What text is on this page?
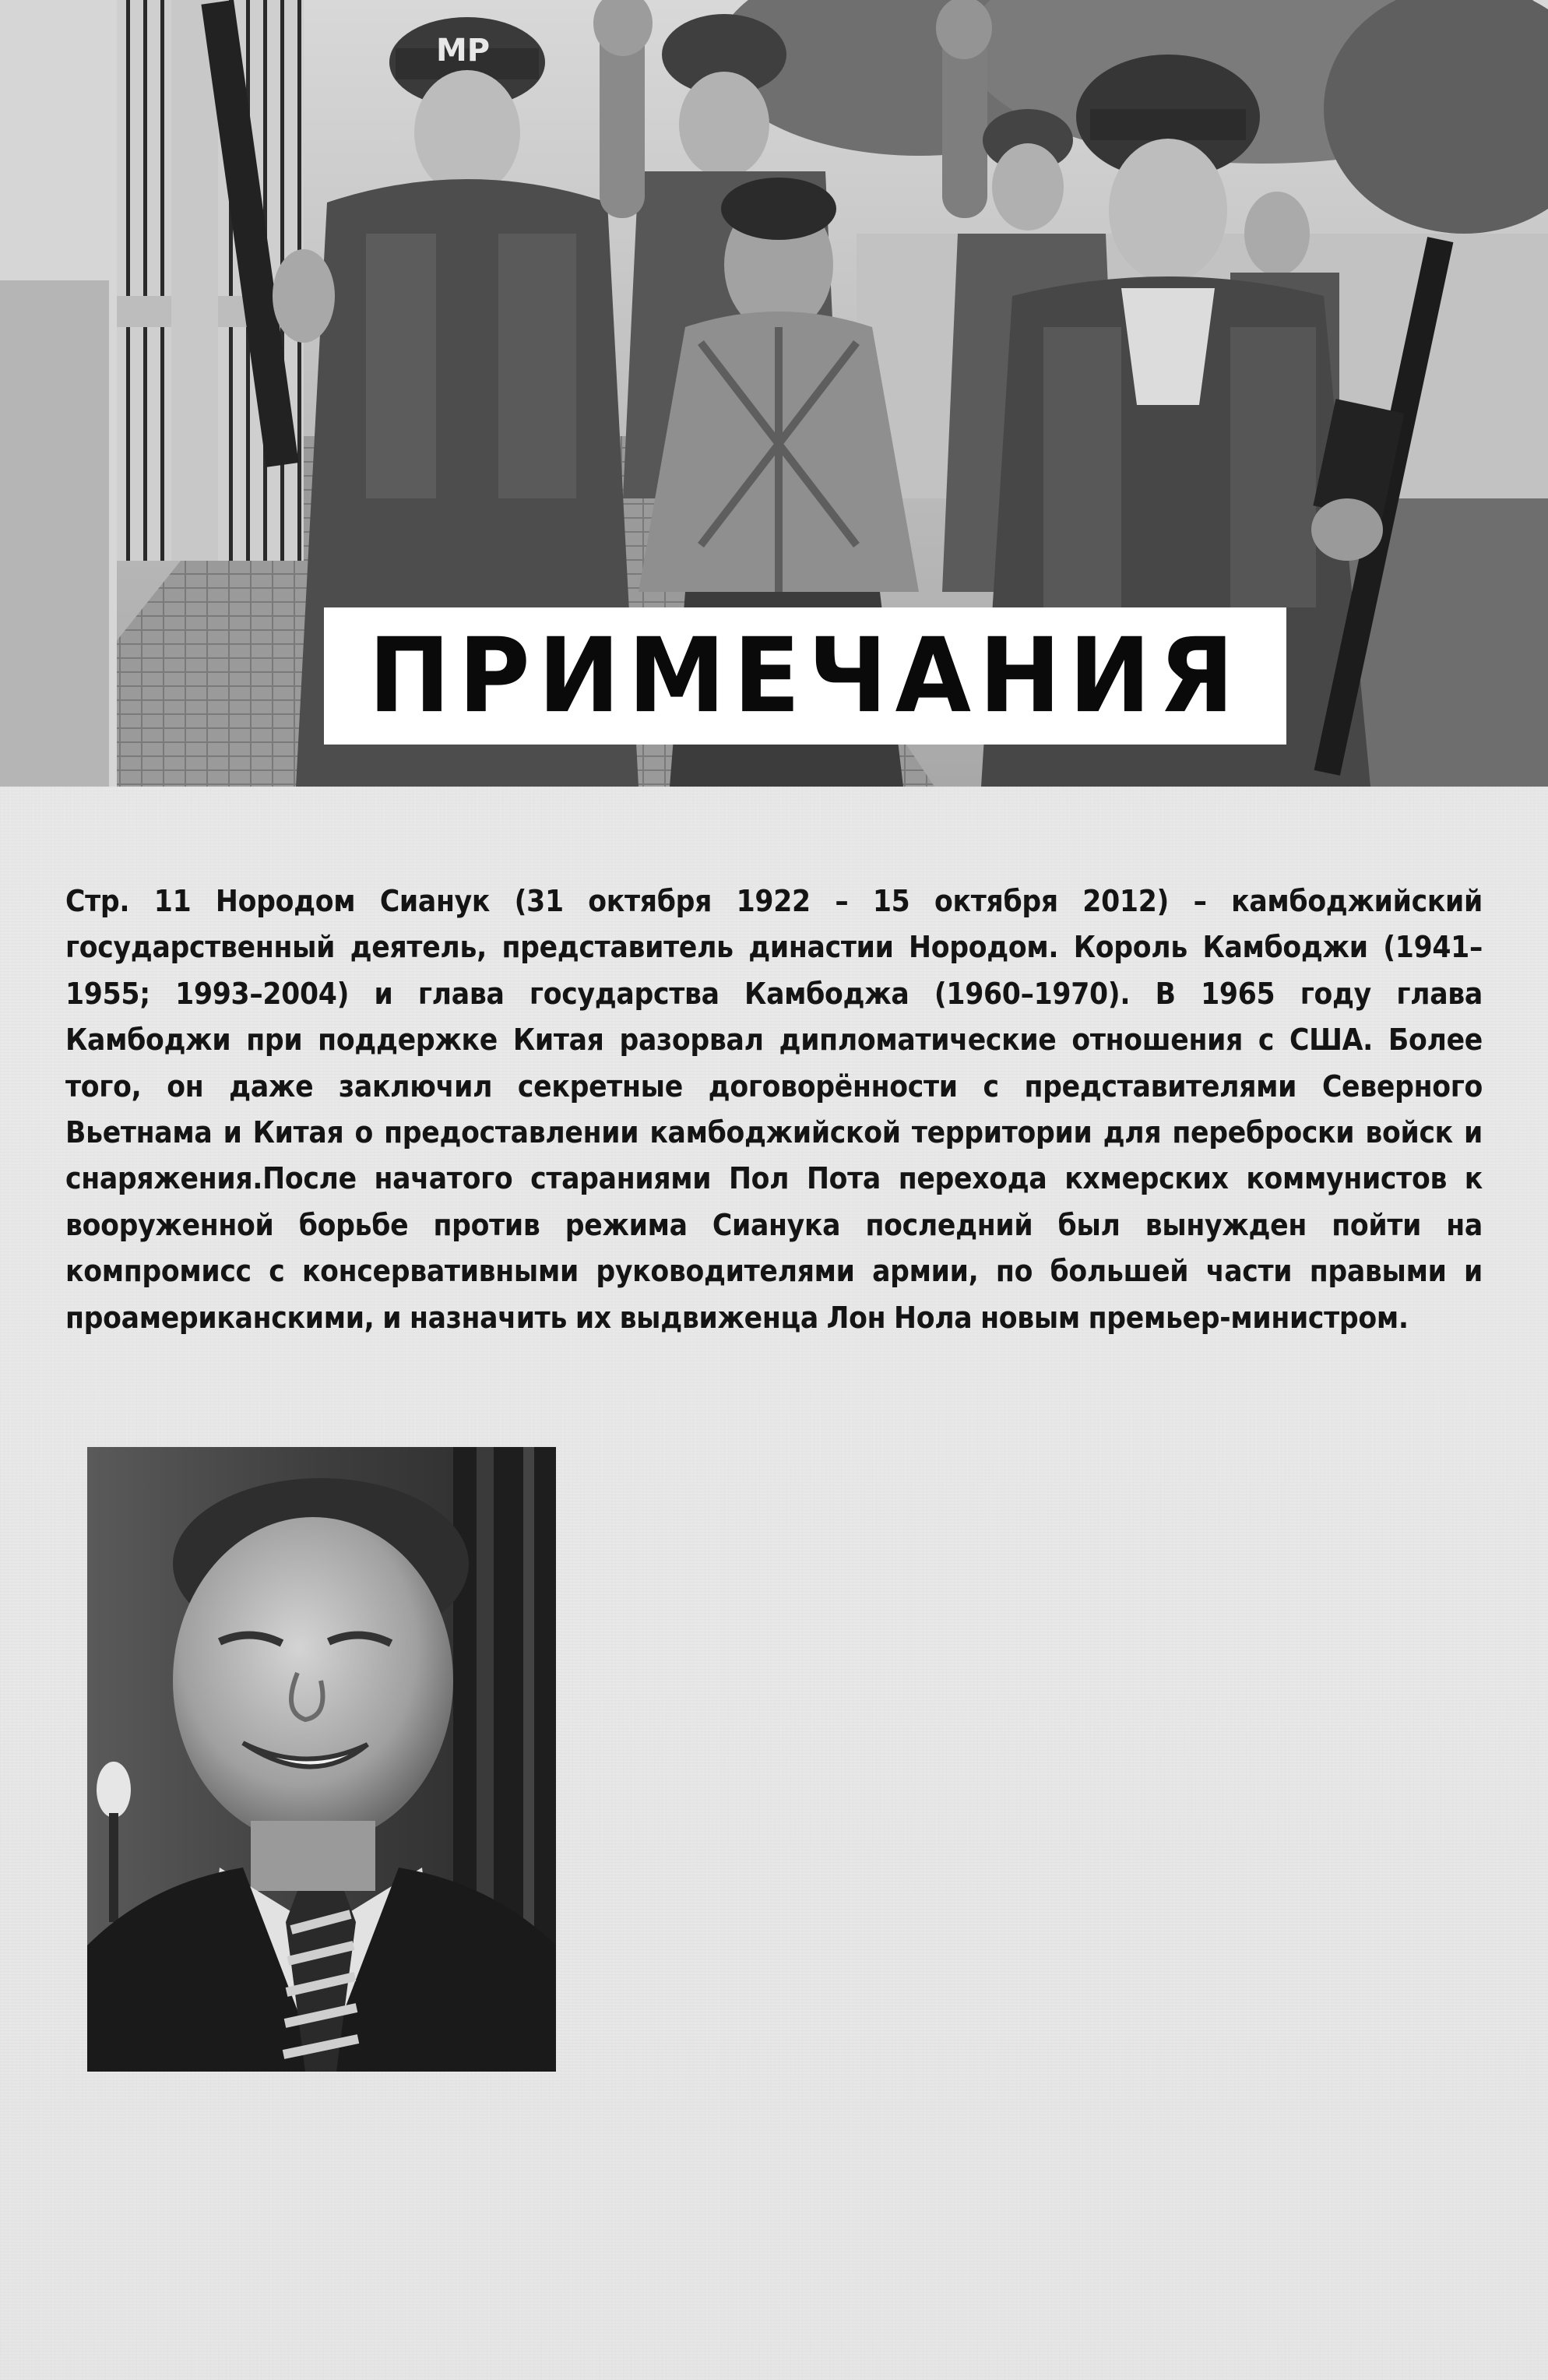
MP
ПРИМЕЧАНИЯ
Стр. 11 Нородом Сианук (31 октября 1922 – 15 октября 2012) – камбоджийский государственный деятель, представитель династии Нородом. Король Камбоджи (1941–1955; 1993–2004) и глава государства Камбоджа (1960–1970). В 1965 году глава Камбоджи при поддержке Китая разорвал дипломатические отношения с США. Более того, он даже заключил секретные договорённости с представителями Северного Вьетнама и Китая о предоставлении камбоджийской территории для переброски войск и снаряжения.После начатого стараниями Пол Пота перехода кхмерских коммунистов к вооруженной борьбе против режима Сианука последний был вынужден пойти на компромисс с консервативными руководителями армии, по большей части правыми и проамериканскими, и назначить их выдвиженца Лон Нола новым премьер-министром.
